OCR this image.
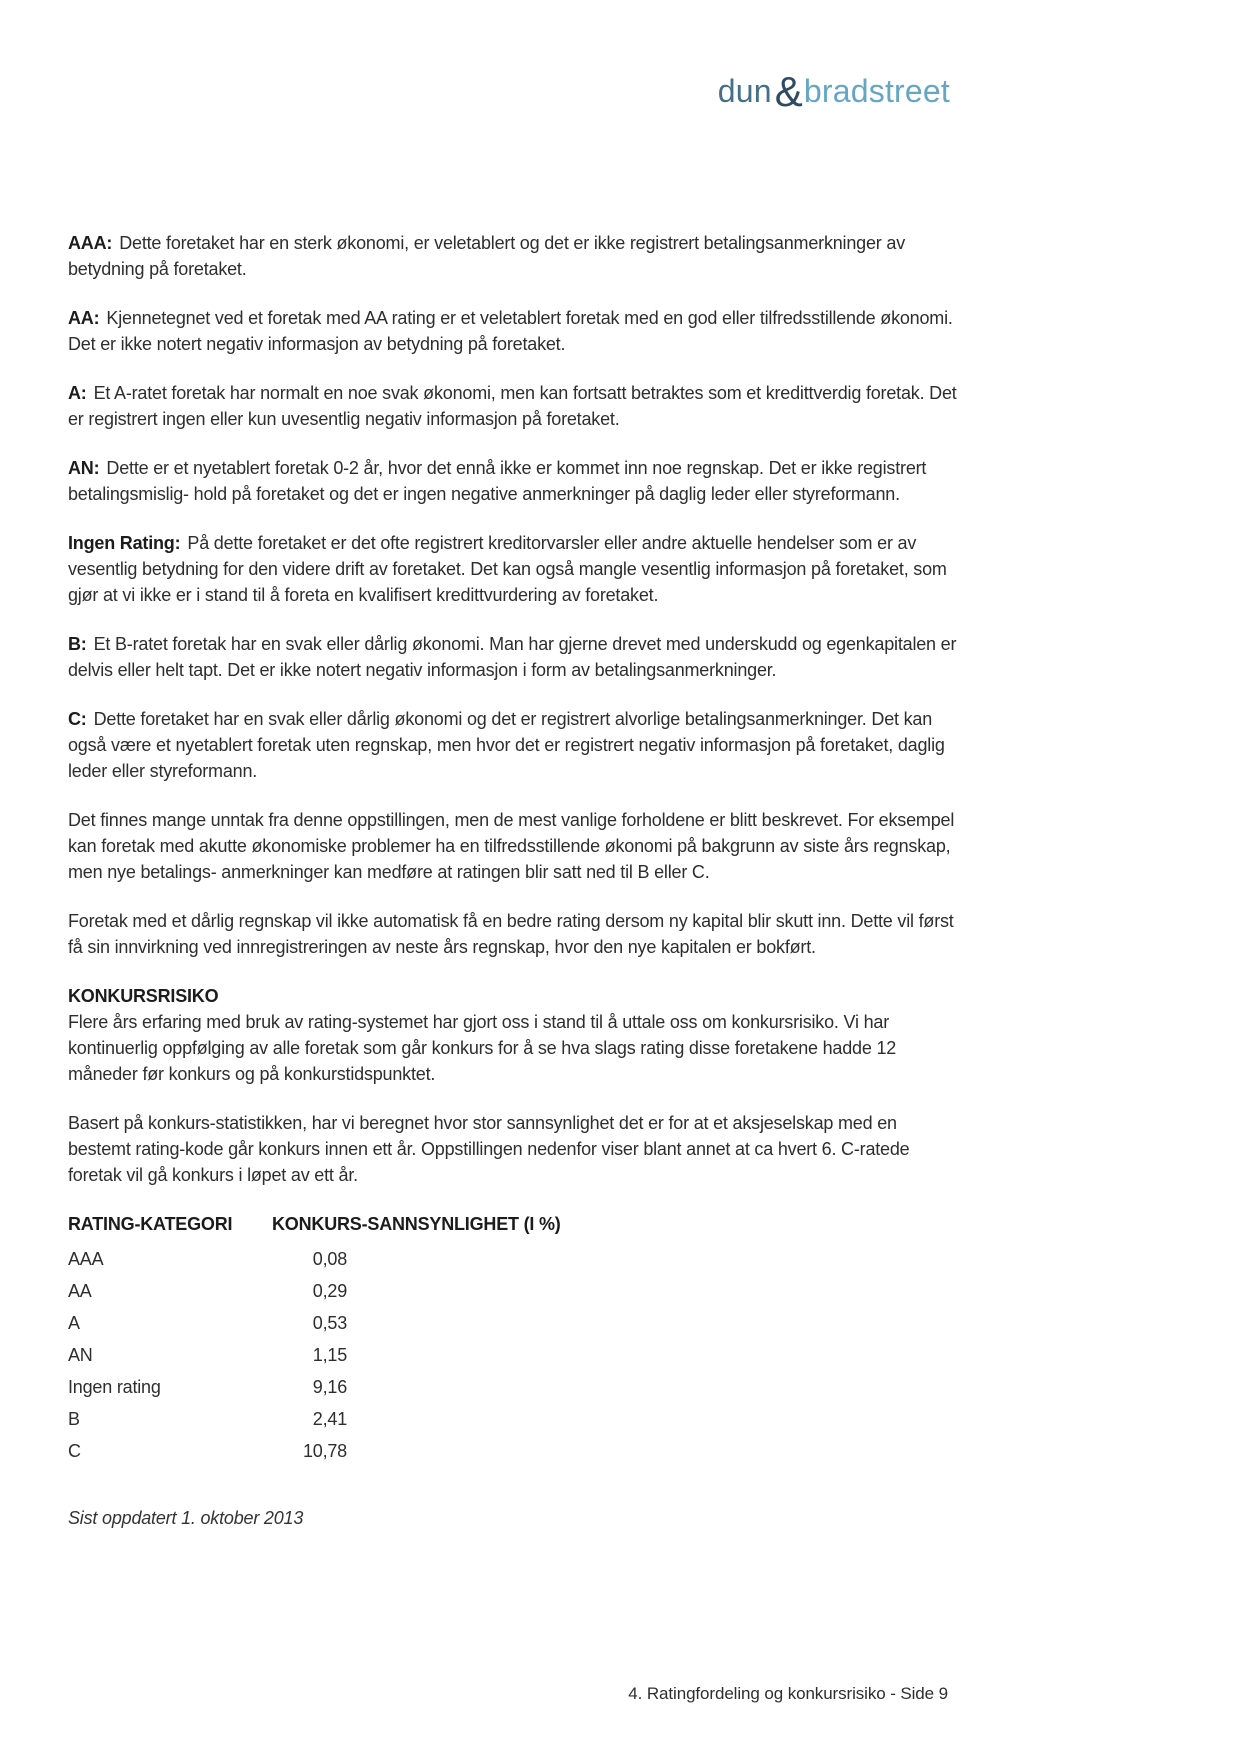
dun & bradstreet

AAA: Dette foretaket har en sterk økonomi, er veletablert og det er ikke registrert betalingsanmerkninger av betydning på foretaket.

AA: Kjennetegnet ved et foretak med AA rating er et veletablert foretak med en god eller tilfredsstillende økonomi. Det er ikke notert negativ informasjon av betydning på foretaket.

A: Et A-ratet foretak har normalt en noe svak økonomi, men kan fortsatt betraktes som et kredittverdig foretak. Det er registrert ingen eller kun uvesentlig negativ informasjon på foretaket.

AN: Dette er et nyetablert foretak 0-2 år, hvor det ennå ikke er kommet inn noe regnskap. Det er ikke registrert betalingsmislig- hold på foretaket og det er ingen negative anmerkninger på daglig leder eller styreformann.

Ingen Rating: På dette foretaket er det ofte registrert kreditorvarsler eller andre aktuelle hendelser som er av vesentlig betydning for den videre drift av foretaket. Det kan også mangle vesentlig informasjon på foretaket, som gjør at vi ikke er i stand til å foreta en kvalifisert kredittvurdering av foretaket.

B: Et B-ratet foretak har en svak eller dårlig økonomi. Man har gjerne drevet med underskudd og egenkapitalen er delvis eller helt tapt. Det er ikke notert negativ informasjon i form av betalingsanmerkninger.

C: Dette foretaket har en svak eller dårlig økonomi og det er registrert alvorlige betalingsanmerkninger. Det kan også være et nyetablert foretak uten regnskap, men hvor det er registrert negativ informasjon på foretaket, daglig leder eller styreformann.

Det finnes mange unntak fra denne oppstillingen, men de mest vanlige forholdene er blitt beskrevet. For eksempel kan foretak med akutte økonomiske problemer ha en tilfredsstillende økonomi på bakgrunn av siste års regnskap, men nye betalings- anmerkninger kan medføre at ratingen blir satt ned til B eller C.

Foretak med et dårlig regnskap vil ikke automatisk få en bedre rating dersom ny kapital blir skutt inn. Dette vil først få sin innvirkning ved innregistreringen av neste års regnskap, hvor den nye kapitalen er bokført.

KONKURSRISIKO

Flere års erfaring med bruk av rating-systemet har gjort oss i stand til å uttale oss om konkursrisiko. Vi har kontinuerlig oppfølging av alle foretak som går konkurs for å se hva slags rating disse foretakene hadde 12 måneder før konkurs og på konkurstidspunktet.

Basert på konkurs-statistikken, har vi beregnet hvor stor sannsynlighet det er for at et aksjeselskap med en bestemt rating-kode går konkurs innen ett år. Oppstillingen nedenfor viser blant annet at ca hvert 6. C-ratede foretak vil gå konkurs i løpet av ett år.

RATING-KATEGORI	KONKURS-SANNSYNLIGHET (I %)
AAA	0,08
AA	0,29
A	0,53
AN	1,15
Ingen rating	9,16
B	2,41
C	10,78
Sist oppdatert 1. oktober 2013
4. Ratingfordeling og konkursrisiko - Side 9
